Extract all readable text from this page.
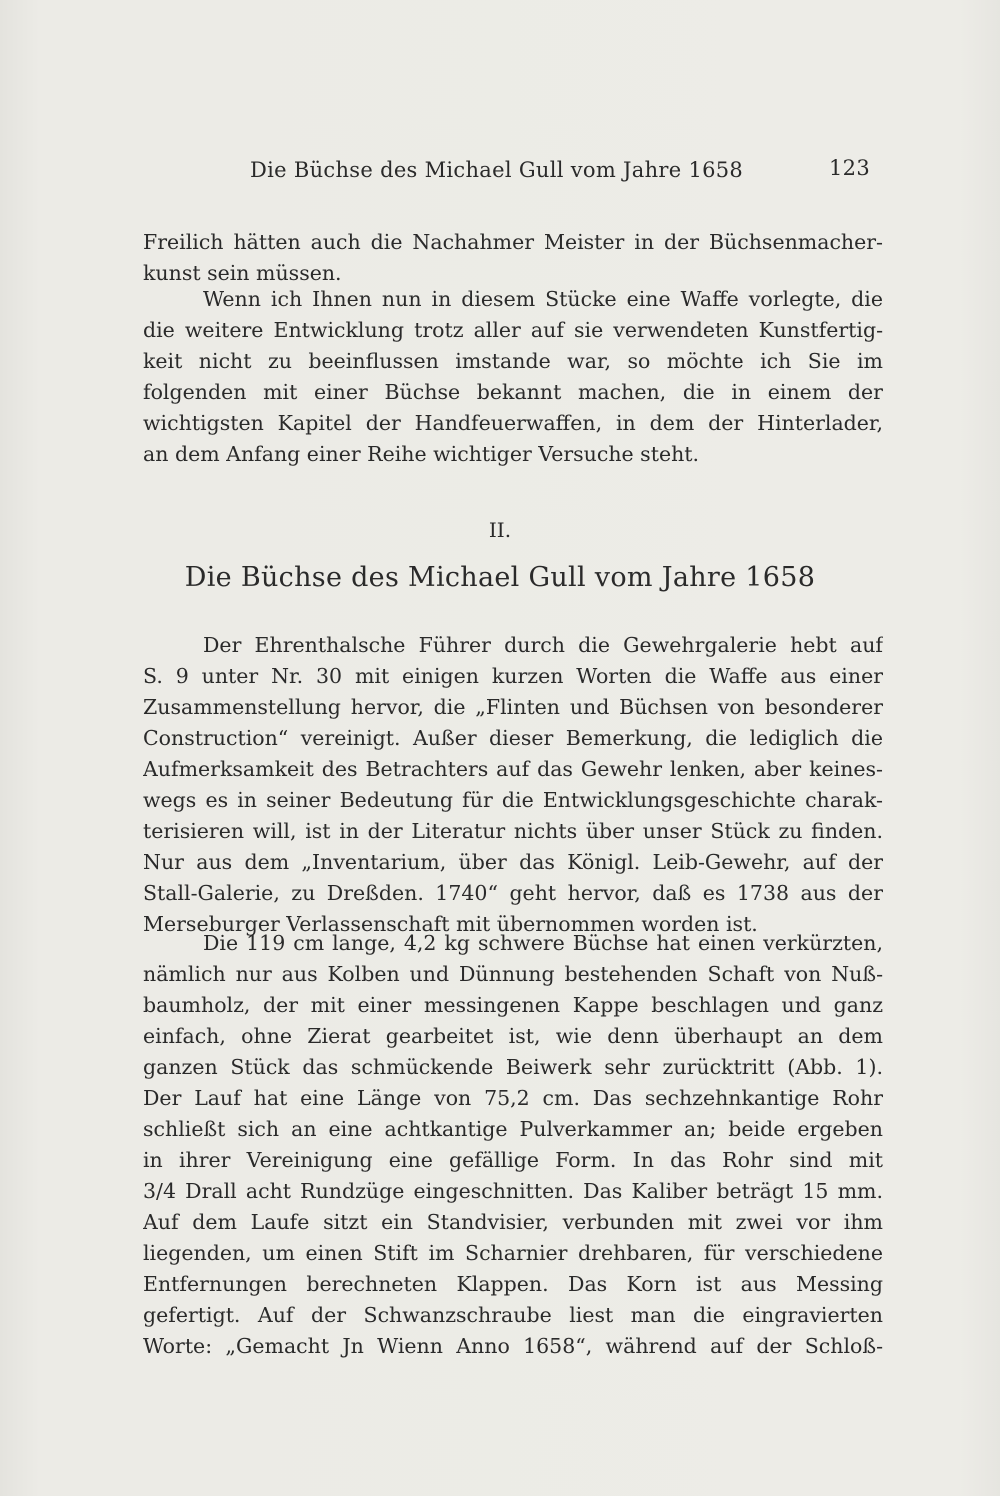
Die Büchse des Michael Gull vom Jahre 1658	123
Freilich hätten auch die Nachahmer Meister in der Büchsenmacher-
kunst sein müssen.
Wenn ich Ihnen nun in diesem Stücke eine Waffe vorlegte, die
die weitere Entwicklung trotz aller auf sie verwendeten Kunstfertig-
keit nicht zu beeinflussen imstande war, so möchte ich Sie im
folgenden mit einer Büchse bekannt machen, die in einem der
wichtigsten Kapitel der Handfeuerwaffen, in dem der Hinterlader,
an dem Anfang einer Reihe wichtiger Versuche steht.
II.
Die Büchse des Michael Gull vom Jahre 1658
Der Ehrenthalsche Führer durch die Gewehrgalerie hebt auf
S. 9 unter Nr. 30 mit einigen kurzen Worten die Waffe aus einer
Zusammenstellung hervor, die „Flinten und Büchsen von besonderer
Construction“ vereinigt. Außer dieser Bemerkung, die lediglich die
Aufmerksamkeit des Betrachters auf das Gewehr lenken, aber keines-
wegs es in seiner Bedeutung für die Entwicklungsgeschichte charak-
terisieren will, ist in der Literatur nichts über unser Stück zu finden.
Nur aus dem „Inventarium, über das Königl. Leib-Gewehr, auf der
Stall-Galerie, zu Dreßden. 1740“ geht hervor, daß es 1738 aus der
Merseburger Verlassenschaft mit übernommen worden ist.
Die 119 cm lange, 4,2 kg schwere Büchse hat einen verkürzten,
nämlich nur aus Kolben und Dünnung bestehenden Schaft von Nuß-
baumholz, der mit einer messingenen Kappe beschlagen und ganz
einfach, ohne Zierat gearbeitet ist, wie denn überhaupt an dem
ganzen Stück das schmückende Beiwerk sehr zurücktritt (Abb. 1).
Der Lauf hat eine Länge von 75,2 cm. Das sechzehnkantige Rohr
schließt sich an eine achtkantige Pulverkammer an; beide ergeben
in ihrer Vereinigung eine gefällige Form. In das Rohr sind mit
3/4 Drall acht Rundzüge eingeschnitten. Das Kaliber beträgt 15 mm.
Auf dem Laufe sitzt ein Standvisier, verbunden mit zwei vor ihm
liegenden, um einen Stift im Scharnier drehbaren, für verschiedene
Entfernungen berechneten Klappen. Das Korn ist aus Messing
gefertigt. Auf der Schwanzschraube liest man die eingravierten
Worte: „Gemacht Jn Wienn Anno 1658“, während auf der Schloß-
